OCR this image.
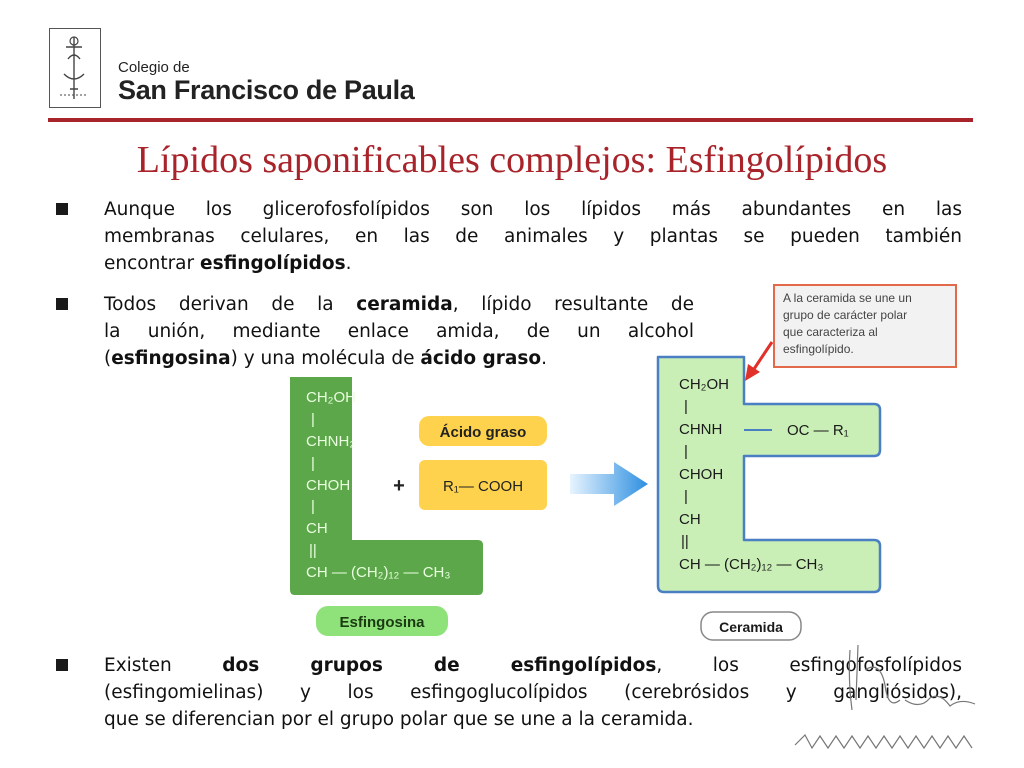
Colegio de
San Francisco de Paula
Lípidos saponificables complejos: Esfingolípidos
Aunque los glicerofosfolípidos son los lípidos más abundantes en las
membranas celulares, en las de animales y plantas se pueden también
encontrar esfingolípidos.
Todos derivan de la ceramida, lípido resultante de
la unión, mediante enlace amida, de un alcohol
(esfingosina) y una molécula de ácido graso.
CH₂OH
|
CHNH₂
|
CHOH
|
CH
||
CH — (CH₂)₁₂ — CH₃
Esfingosina
+
Ácido graso
R₁— COOH
CH₂OH
|
CHNH
|
CHOH
|
CH
||
CH — (CH₂)₁₂ — CH₃
OC — R₁
Ceramida
A la ceramida se une un
grupo de carácter polar
que caracteriza al
esfingolípido.
Existen dos grupos de esfingolípidos, los esfingofosfolípidos
(esfingomielinas) y los esfingoglucolípidos (cerebrósidos y gangliósidos),
que se diferencian por el grupo polar que se une a la ceramida.
